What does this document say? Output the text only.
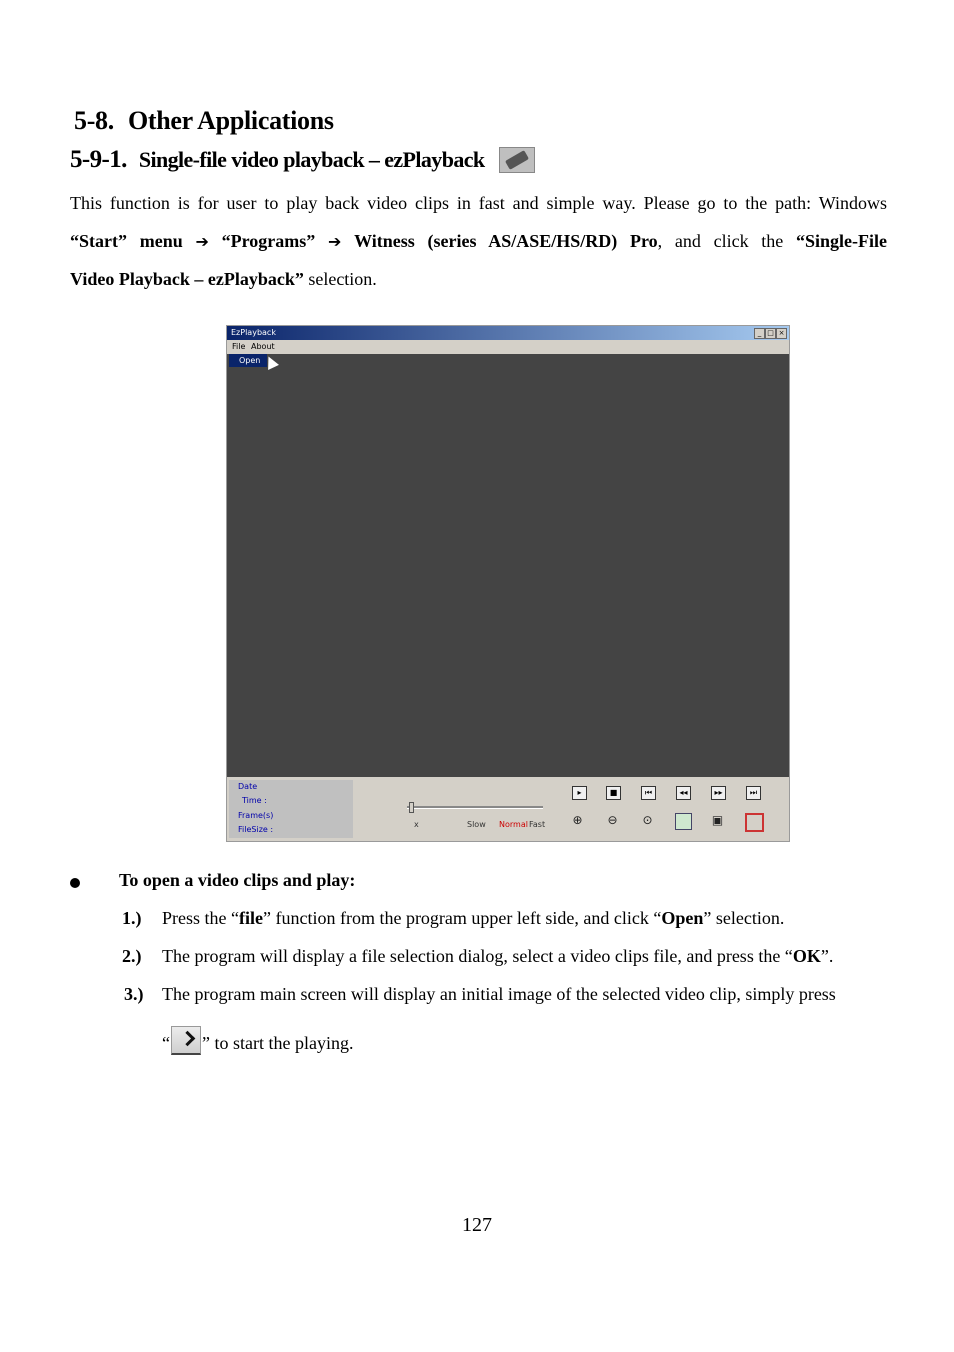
5-8. Other Applications
5-9-1. Single-file video playback – ezPlayback
This function is for user to play back video clips in fast and simple way. Please go to the path: Windows
“Start” menu ➔ “Programs” ➔ Witness (series AS/ASE/HS/RD) Pro, and click the “Single-File
Video Playback – ezPlayback” selection.
EzPlayback	_ □ ×
File About
Open
Date
Time :
Frame(s)
FileSize :
x	Slow Normal Fast
▸	■	⏮	◂◂	▸▸	⏭
⊕ ⊖ ⊙	▣
To open a video clips and play:
1.) Press the “file” function from the program upper left side, and click “Open” selection.
2.) The program will display a file selection dialog, select a video clips file, and press the “OK”.
3.) The program main screen will display an initial image of the selected video clip, simply press
“ ” to start the playing.
127
